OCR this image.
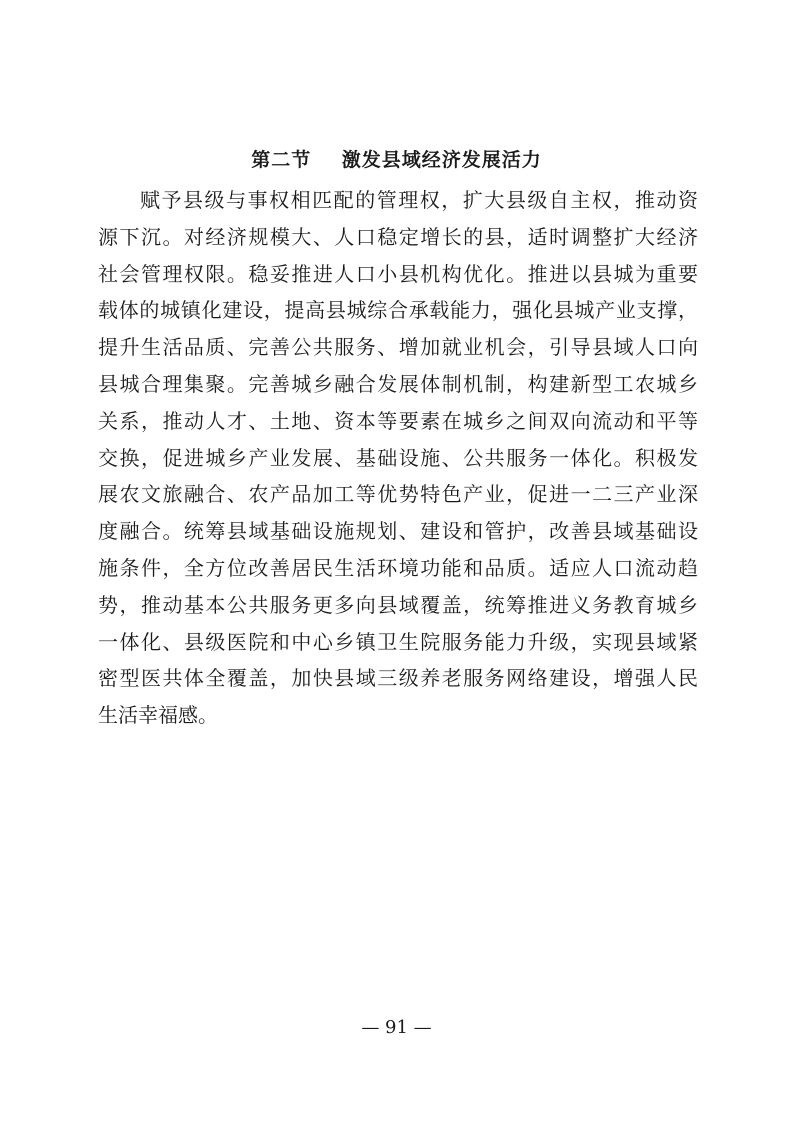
第二节    激发县域经济发展活力
赋予县级与事权相匹配的管理权，扩大县级自主权，推动资
源下沉。对经济规模大、人口稳定增长的县，适时调整扩大经济
社会管理权限。稳妥推进人口小县机构优化。推进以县城为重要
载体的城镇化建设，提高县城综合承载能力，强化县城产业支撑，
提升生活品质、完善公共服务、增加就业机会，引导县域人口向
县城合理集聚。完善城乡融合发展体制机制，构建新型工农城乡
关系，推动人才、土地、资本等要素在城乡之间双向流动和平等
交换，促进城乡产业发展、基础设施、公共服务一体化。积极发
展农文旅融合、农产品加工等优势特色产业，促进一二三产业深
度融合。统筹县域基础设施规划、建设和管护，改善县域基础设
施条件，全方位改善居民生活环境功能和品质。适应人口流动趋
势，推动基本公共服务更多向县域覆盖，统筹推进义务教育城乡
一体化、县级医院和中心乡镇卫生院服务能力升级，实现县域紧
密型医共体全覆盖，加快县域三级养老服务网络建设，增强人民
生活幸福感。
— 91 —
